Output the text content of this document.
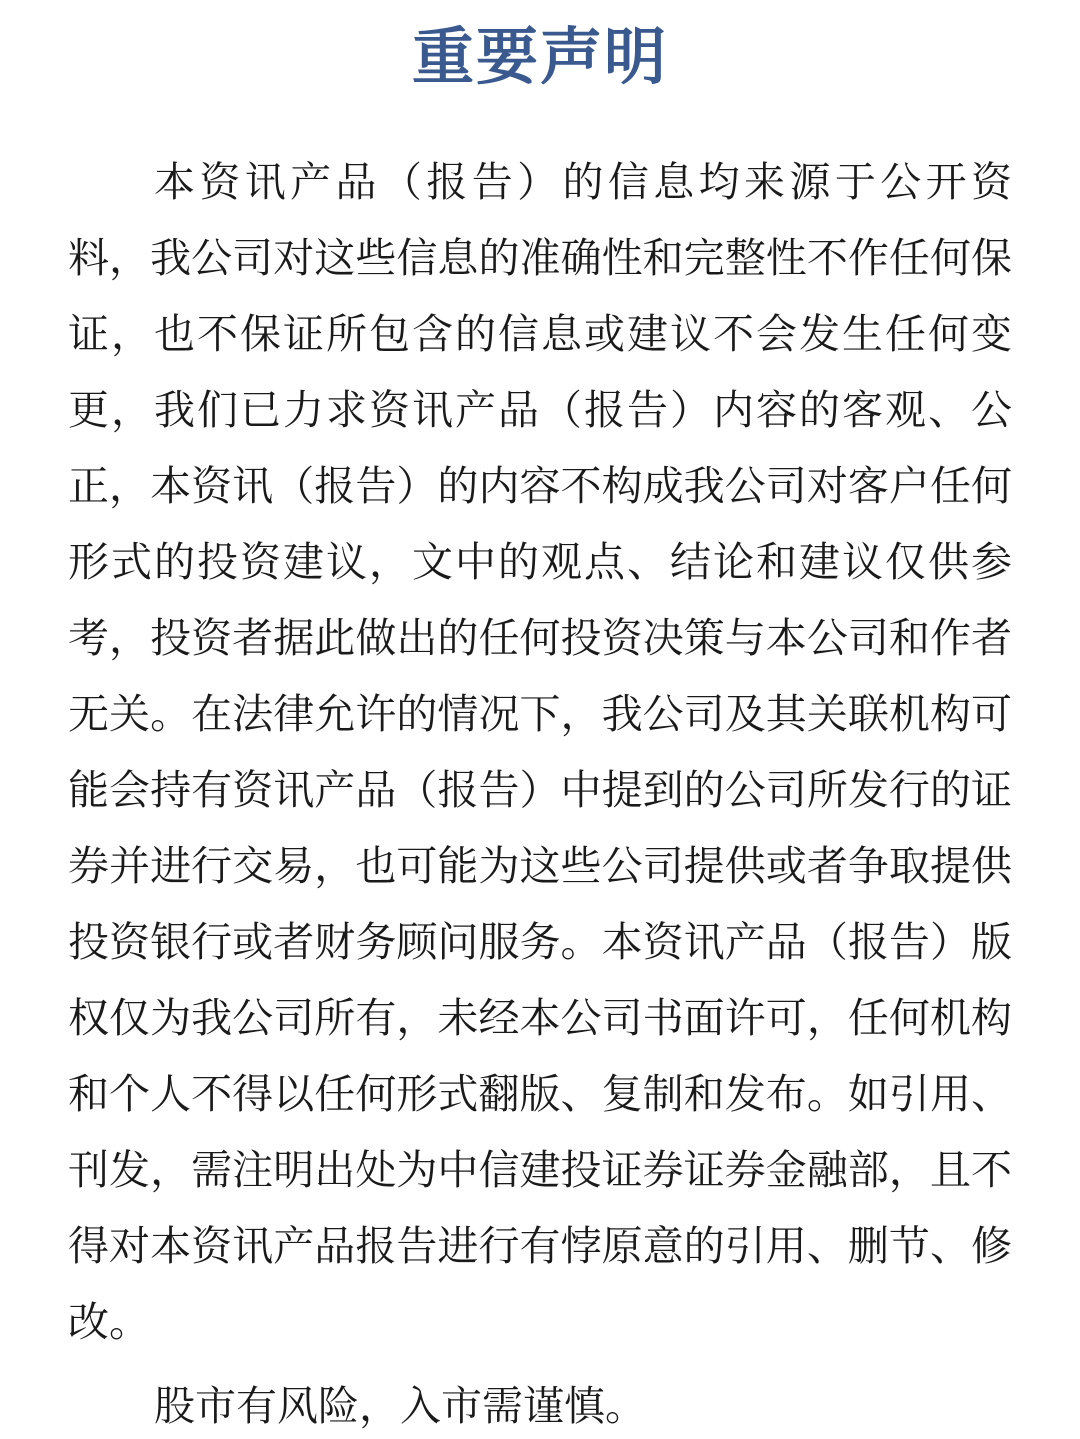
重要声明

本资讯产品（报告）的信息均来源于公开资料，我公司对这些信息的准确性和完整性不作任何保证，也不保证所包含的信息或建议不会发生任何变更，我们已力求资讯产品（报告）内容的客观、公正，本资讯（报告）的内容不构成我公司对客户任何形式的投资建议，文中的观点、结论和建议仅供参考，投资者据此做出的任何投资决策与本公司和作者无关。在法律允许的情况下，我公司及其关联机构可能会持有资讯产品（报告）中提到的公司所发行的证券并进行交易，也可能为这些公司提供或者争取提供投资银行或者财务顾问服务。本资讯产品（报告）版权仅为我公司所有，未经本公司书面许可，任何机构和个人不得以任何形式翻版、复制和发布。如引用、刊发，需注明出处为中信建投证券证券金融部，且不得对本资讯产品报告进行有悖原意的引用、删节、修改。

股市有风险，入市需谨慎。
